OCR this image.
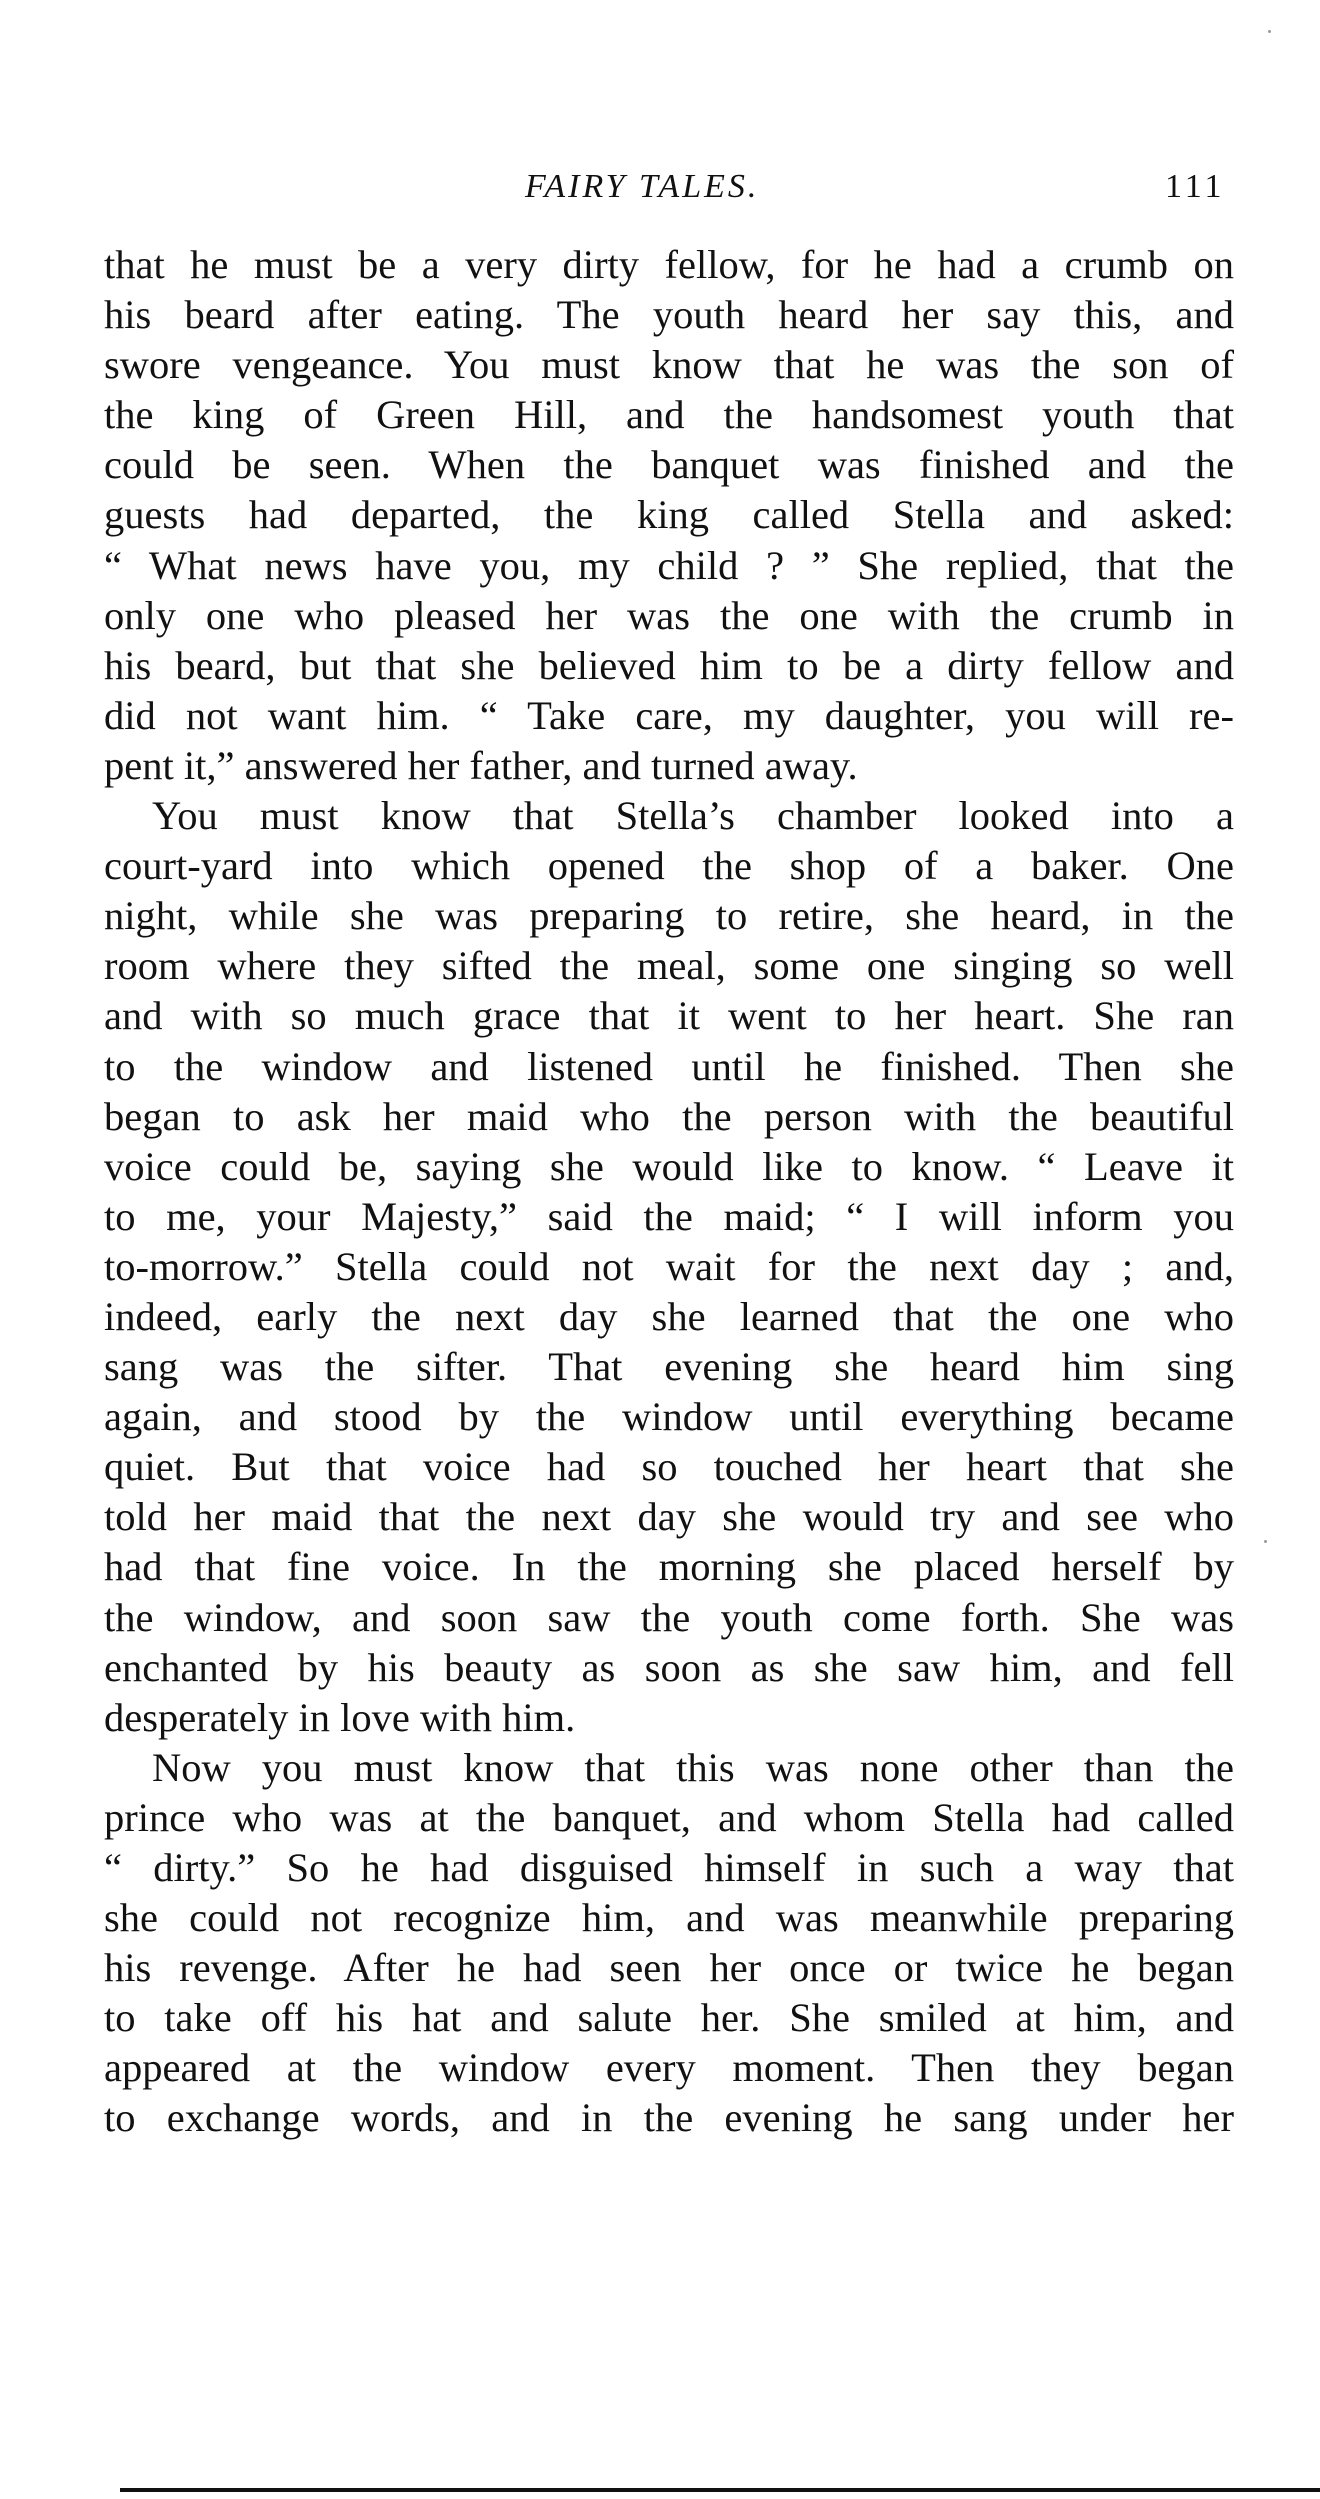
FAIRY TALES.	111
that he must be a very dirty fellow, for he had a crumb on
his beard after eating. The youth heard her say this, and
swore vengeance. You must know that he was the son of
the king of Green Hill, and the handsomest youth that
could be seen. When the banquet was finished and the
guests had departed, the king called Stella and asked:
“ What news have you, my child ? ” She replied, that the
only one who pleased her was the one with the crumb in
his beard, but that she believed him to be a dirty fellow and
did not want him. “ Take care, my daughter, you will re-
pent it,” answered her father, and turned away.
You must know that Stella’s chamber looked into a
court-yard into which opened the shop of a baker. One
night, while she was preparing to retire, she heard, in the
room where they sifted the meal, some one singing so well
and with so much grace that it went to her heart. She ran
to the window and listened until he finished. Then she
began to ask her maid who the person with the beautiful
voice could be, saying she would like to know. “ Leave it
to me, your Majesty,” said the maid; “ I will inform you
to-morrow.” Stella could not wait for the next day ; and,
indeed, early the next day she learned that the one who
sang was the sifter. That evening she heard him sing
again, and stood by the window until everything became
quiet. But that voice had so touched her heart that she
told her maid that the next day she would try and see who
had that fine voice. In the morning she placed herself by
the window, and soon saw the youth come forth. She was
enchanted by his beauty as soon as she saw him, and fell
desperately in love with him.
Now you must know that this was none other than the
prince who was at the banquet, and whom Stella had called
“ dirty.” So he had disguised himself in such a way that
she could not recognize him, and was meanwhile preparing
his revenge. After he had seen her once or twice he began
to take off his hat and salute her. She smiled at him, and
appeared at the window every moment. Then they began
to exchange words, and in the evening he sang under her
